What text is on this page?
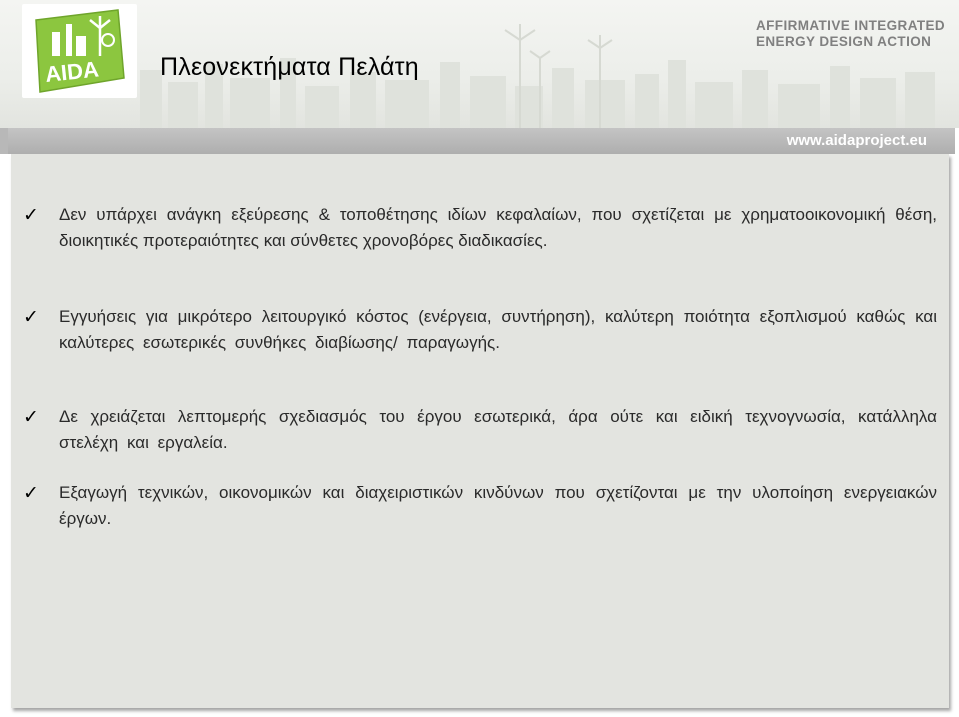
AIDA Πλεονεκτήματα Πελάτη
AFFIRMATIVE INTEGRATED
ENERGY DESIGN ACTION
www.aidaproject.eu
✓ Δεν υπάρχει ανάγκη εξεύρεσης & τοποθέτησης ιδίων κεφαλαίων, που σχετίζεται με χρηματοοικονομική θέση, διοικητικές προτεραιότητες και σύνθετες χρονοβόρες διαδικασίες.
✓ Εγγυήσεις για μικρότερο λειτουργικό κόστος (ενέργεια, συντήρηση), καλύτερη ποιότητα εξοπλισμού καθώς και καλύτερες εσωτερικές συνθήκες διαβίωσης/ παραγωγής.
✓ Δε χρειάζεται λεπτομερής σχεδιασμός του έργου εσωτερικά, άρα ούτε και ειδική τεχνογνωσία, κατάλληλα στελέχη και εργαλεία.
✓ Εξαγωγή τεχνικών, οικονομικών και διαχειριστικών κινδύνων που σχετίζονται με την υλοποίηση ενεργειακών έργων.
